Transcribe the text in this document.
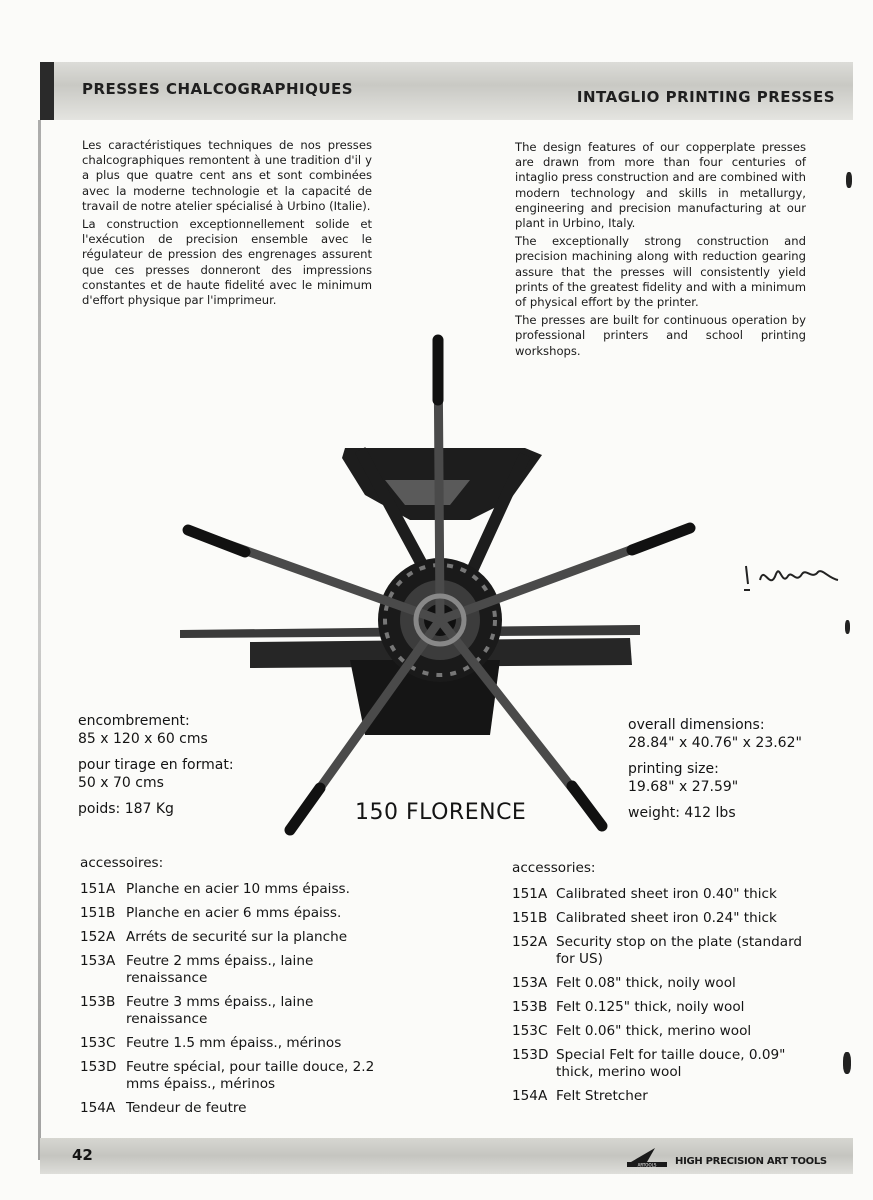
PRESSES CHALCOGRAPHIQUES	INTAGLIO PRINTING PRESSES

Les caractéristiques techniques de nos presses chalcographiques remontent à une tradition d'il y a plus que quatre cent ans et sont combinées avec la moderne technologie et la capacité de travail de notre atelier spécialisé à Urbino (Italie).

La construction exceptionnellement solide et l'exécution de precision ensemble avec le régulateur de pression des engrenages assurent que ces presses donneront des impressions constantes et de haute fidelité avec le minimum d'effort physique par l'imprimeur.

The design features of our copperplate presses are drawn from more than four centuries of intaglio press construction and are combined with modern technology and skills in metallurgy, engineering and precision manufacturing at our plant in Urbino, Italy.

The exceptionally strong construction and precision machining along with reduction gearing assure that the presses will consistently yield prints of the greatest fidelity and with a minimum of physical effort by the printer.

The presses are built for continuous operation by professional printers and school printing workshops.

encombrement:
85 x 120 x 60 cms
pour tirage en format:
50 x 70 cms
poids: 187 Kg	150 FLORENCE
overall dimensions:
28.84" x 40.76" x 23.62"
printing size:
19.68" x 27.59"
weight: 412 lbs
accessoires:
151A Planche en acier 10 mms épaiss.
151B Planche en acier 6 mms épaiss.
152A Arréts de securité sur la planche
153A Feutre 2 mms épaiss., laine renaissance
153B Feutre 3 mms épaiss., laine renaissance
153C Feutre 1.5 mm épaiss., mérinos
153D Feutre spécial, pour taille douce, 2.2 mms épaiss., mérinos
154A Tendeur de feutre
accessories:
151A Calibrated sheet iron 0.40" thick
151B Calibrated sheet iron 0.24" thick
152A Security stop on the plate (standard for US)
153A Felt 0.08" thick, noily wool
153B Felt 0.125" thick, noily wool
153C Felt 0.06" thick, merino wool
153D Special Felt for taille douce, 0.09" thick, merino wool
154A Felt Stretcher
42
ARTOOLS HIGH PRECISION ART TOOLS
